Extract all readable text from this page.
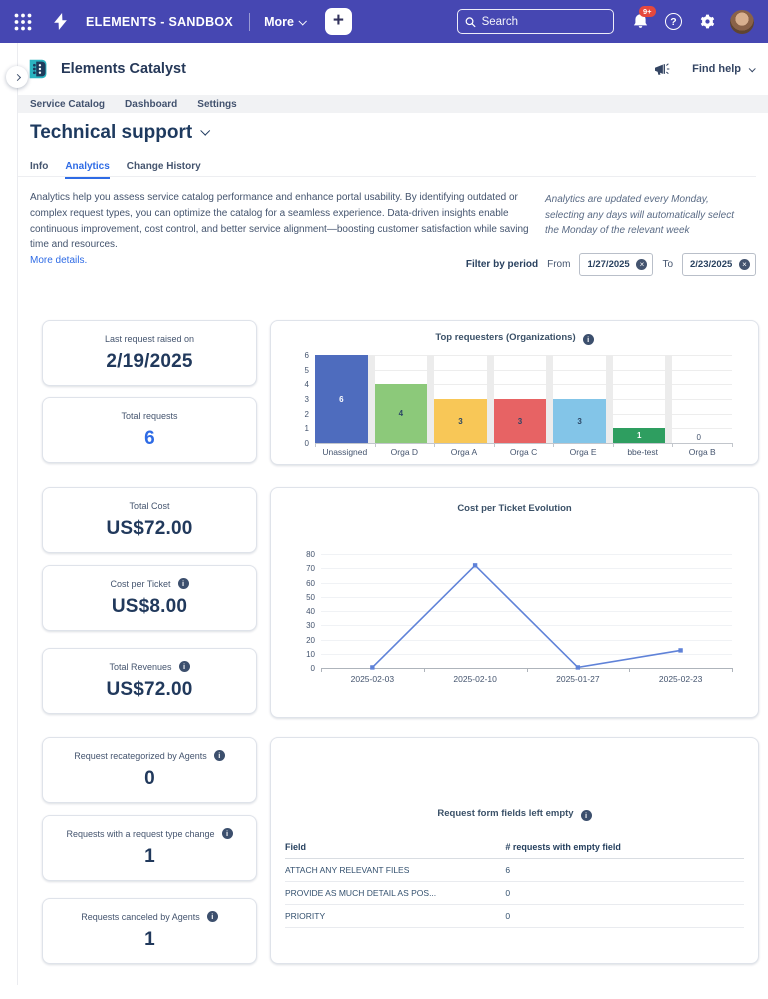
ELEMENTS - SANDBOX More +
Search	9+
?
Elements Catalyst	Find help
Service Catalog Dashboard Settings
Technical support
Info Analytics Change History
Analytics help you assess service catalog performance and enhance portal usability. By identifying outdated or complex request types, you can optimize the catalog for a seamless experience. Data-driven insights enable continuous improvement, cost control, and better service alignment—boosting customer satisfaction while saving time and resources.
More details.
Analytics are updated every Monday, selecting any days will automatically select the Monday of the relevant week
Filter by period From
1/27/2025	×	To
2/23/2025	×
Last request raised on
2/19/2025
Total requests
6
Total Cost
US$72.00
Cost per Ticket	i
US$8.00
Total Revenues	i
US$72.00
Request recategorized by Agents	i
0
Requests with a request type change	i
1
Requests canceled by Agents	i
1
Top requesters (Organizations) i
0
1
2
3
4
5
6
6
4
3	3	3
1	0
Unassigned	Orga D	Orga A	Orga C	Orga E	bbe-test	Orga B
Cost per Ticket Evolution
0
10
20
30
40
50
60
70
80
2025-02-03	2025-02-10	2025-01-27	2025-02-23
Request form fields left empty i
Field	# requests with empty field
ATTACH ANY RELEVANT FILES	6
PROVIDE AS MUCH DETAIL AS POS...	0
PRIORITY	0
